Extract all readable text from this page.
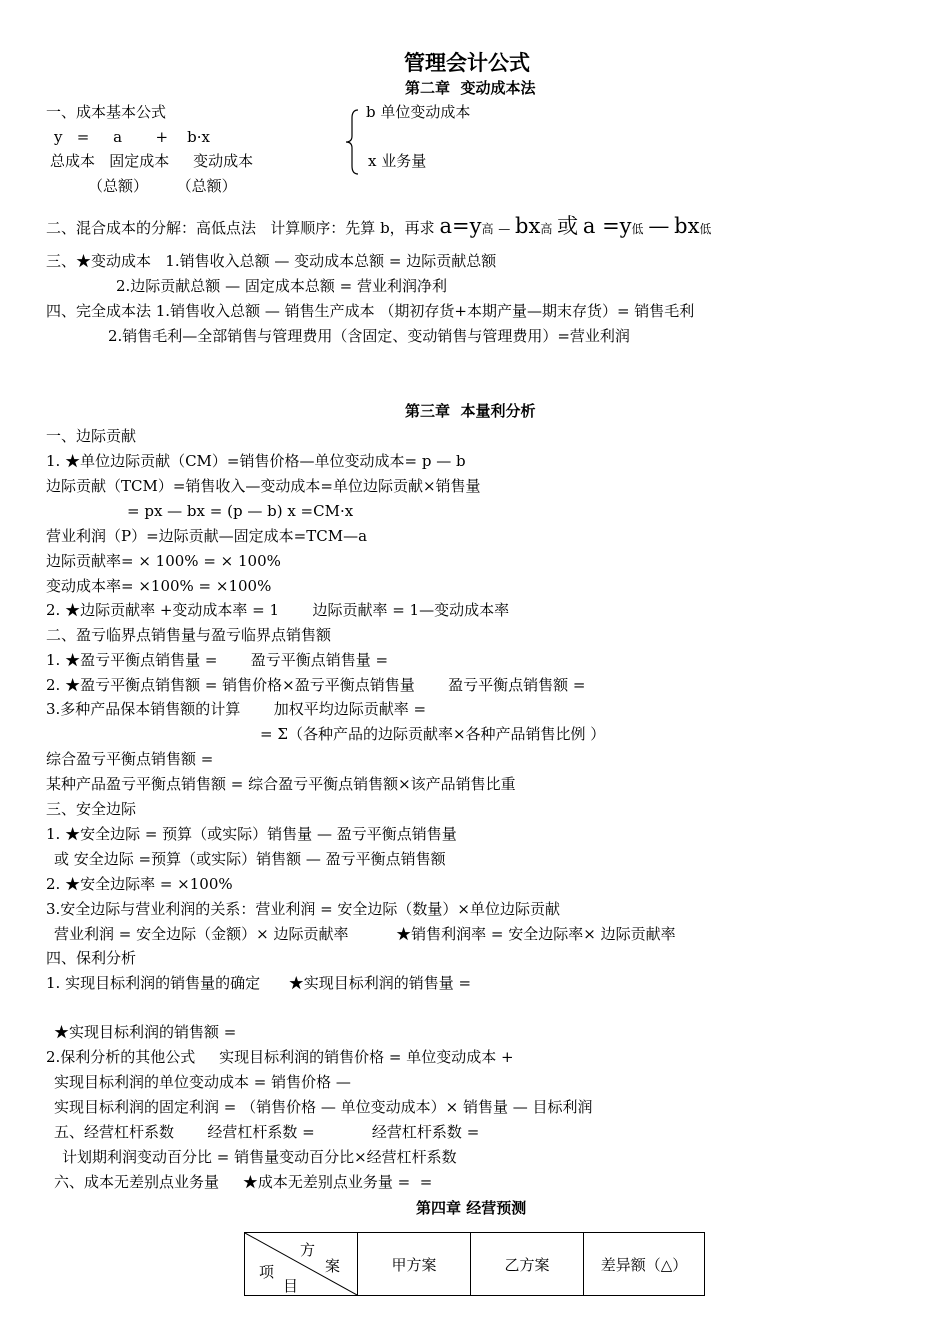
管理会计公式
第二章  变动成本法
一、成本基本公式
y   =     a       +    b·x
总成本   固定成本     变动成本
（总额）      （总额）
b 单位变动成本
x 业务量
二、混合成本的分解：高低点法   计算顺序：先算 b，再求 a=y高 — bx高 或 a =y低 — bx低
三、★变动成本   1.销售收入总额 — 变动成本总额 = 边际贡献总额
2.边际贡献总额 — 固定成本总额 = 营业利润净利
四、完全成本法 1.销售收入总额 — 销售生产成本 （期初存货+本期产量—期末存货）= 销售毛利
2.销售毛利—全部销售与管理费用（含固定、变动销售与管理费用）=营业利润
第三章  本量利分析
一、边际贡献
1. ★单位边际贡献（CM）=销售价格—单位变动成本= p — b
边际贡献（TCM）=销售收入—变动成本=单位边际贡献×销售量
= px — bx = (p — b) x =CM·x
营业利润（P）=边际贡献—固定成本=TCM—a
边际贡献率= × 100% = × 100%
变动成本率= ×100% = ×100%
2. ★边际贡献率 +变动成本率 = 1       边际贡献率 = 1—变动成本率
二、盈亏临界点销售量与盈亏临界点销售额
1. ★盈亏平衡点销售量 =       盈亏平衡点销售量 =
2. ★盈亏平衡点销售额 = 销售价格×盈亏平衡点销售量       盈亏平衡点销售额 =
3.多种产品保本销售额的计算       加权平均边际贡献率 =
= Σ（各种产品的边际贡献率×各种产品销售比例 ）
综合盈亏平衡点销售额 =
某种产品盈亏平衡点销售额 = 综合盈亏平衡点销售额×该产品销售比重
三、安全边际
1. ★安全边际 = 预算（或实际）销售量 — 盈亏平衡点销售量
或 安全边际 =预算（或实际）销售额 — 盈亏平衡点销售额
2. ★安全边际率 = ×100%
3.安全边际与营业利润的关系：营业利润 = 安全边际（数量）×单位边际贡献
营业利润 = 安全边际（金额）× 边际贡献率          ★销售利润率 = 安全边际率× 边际贡献率
四、保利分析
1. 实现目标利润的销售量的确定      ★实现目标利润的销售量 =
★实现目标利润的销售额 =
2.保利分析的其他公式     实现目标利润的销售价格 = 单位变动成本 +
实现目标利润的单位变动成本 = 销售价格 —
实现目标利润的固定利润 = （销售价格 — 单位变动成本）× 销售量 — 目标利润
五、经营杠杆系数       经营杠杆系数 =            经营杠杆系数 =
计划期利润变动百分比 = 销售量变动百分比×经营杠杆系数
六、成本无差别点业务量     ★成本无差别点业务量 =  =
第四章 经营预测
方
案
项
目
	甲方案	乙方案	差异额（△）
